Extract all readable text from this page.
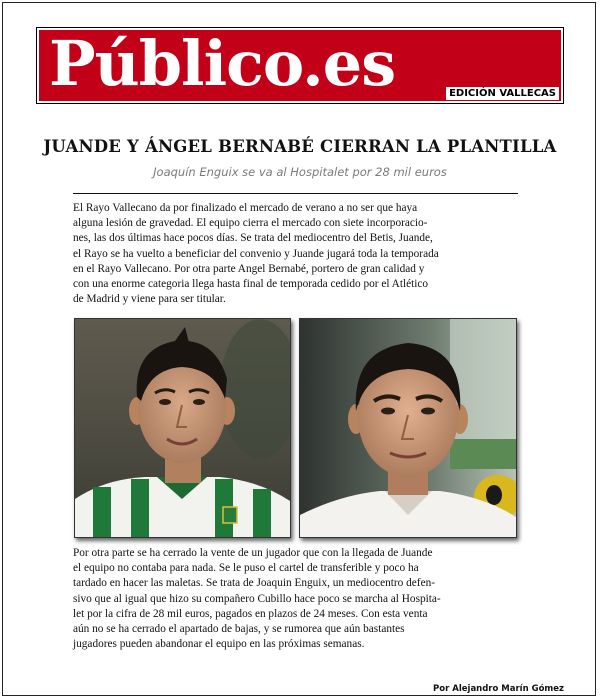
Público.es	EDICIÓN VALLECAS
JUANDE Y ÁNGEL BERNABÉ CIERRAN LA PLANTILLA
Joaquín Enguix se va al Hospitalet por 28 mil euros
El Rayo Vallecano da por finalizado el mercado de verano a no ser que haya
alguna lesión de gravedad. El equipo cierra el mercado con siete incorporacio-
nes, las dos últimas hace pocos días. Se trata del mediocentro del Betis, Juande,
el Rayo se ha vuelto a beneficiar del convenio y Juande jugará toda la temporada
en el Rayo Vallecano. Por otra parte Angel Bernabé, portero de gran calidad y
con una enorme categoria llega hasta final de temporada cedido por el Atlético
de Madrid y viene para ser titular.
Por otra parte se ha cerrado la vente de un jugador que con la llegada de Juande
el equipo no contaba para nada. Se le puso el cartel de transferible y poco ha
tardado en hacer las maletas. Se trata de Joaquin Enguix, un mediocentro defen-
sivo que al igual que hizo su compañero Cubillo hace poco se marcha al Hospita-
let por la cifra de 28 mil euros, pagados en plazos de 24 meses. Con esta venta
aún no se ha cerrado el apartado de bajas, y se rumorea que aún bastantes
jugadores pueden abandonar el equipo en las próximas semanas.
Por Alejandro Marín Gómez
